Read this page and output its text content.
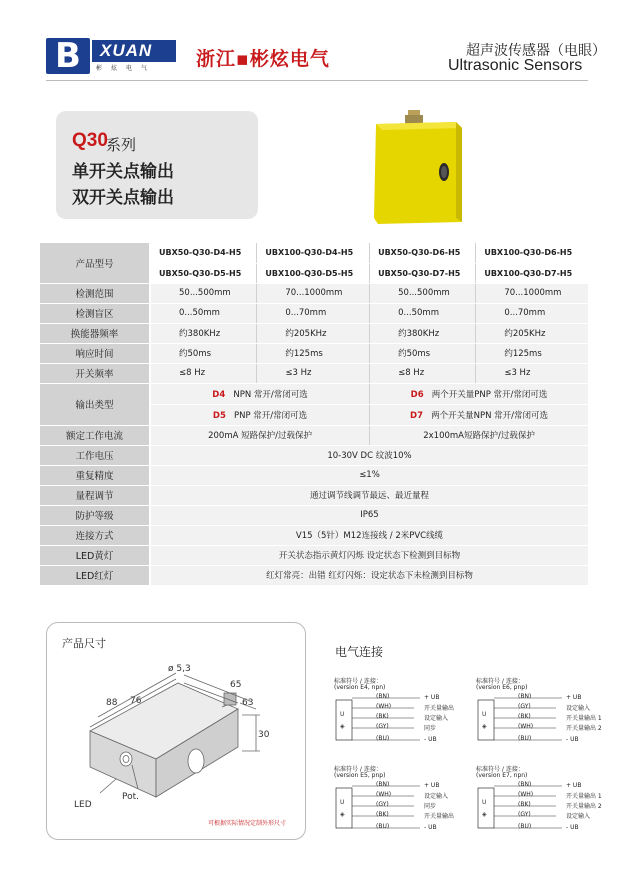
B	XUAN
彬炫电气 浙江▪彬炫电气	超声波传感器（电眼）
Ultrasonic Sensors
Q30
系列
单开关点输出
双开关点输出
产品型号	UBX50-Q30-D4-H5	UBX100-Q30-D4-H5	UBX50-Q30-D6-H5	UBX100-Q30-D6-H5
	UBX50-Q30-D5-H5	UBX100-Q30-D5-H5	UBX50-Q30-D7-H5	UBX100-Q30-D7-H5
检测范围	50...500mm	70...1000mm	50...500mm	70...1000mm
检测盲区	0...50mm	0...70mm	0...50mm	0...70mm
换能器频率	约380KHz	约205KHz	约380KHz	约205KHz
响应时间	约50ms	约125ms	约50ms	约125ms
开关频率	≤8 Hz	≤3 Hz	≤8 Hz	≤3 Hz
输出类型	D4 NPN 常开/常闭可选		D6 两个开关量PNP 常开/常闭可选	
	D5 PNP 常开/常闭可选		D7 两个开关量NPN 常开/常闭可选	
额定工作电流	200mA 短路保护/过载保护		2x100mA短路保护/过载保护	
工作电压	10-30V DC 纹波10%			
重复精度	≤1%			
量程调节	通过调节线调节最远、最近量程			
防护等级	IP65			
连接方式	V15（5针）M12连接线 / 2米PVC线缆			
LED黄灯	开关状态指示黄灯闪烁 设定状态下检测到目标物			
LED红灯	红灯常亮：出错 红灯闪烁：设定状态下未检测到目标物			
产品尺寸
ø 5,3
65
88 76	63
30
LED
Pot.
可根据实际情况定制外形尺寸
电气连接
标准符号 / 连接：
(version E4, npn)
U
◈
(BN)
(WH)
(BK)
(GY)
(BU)
+ UB
开关量输出
设定输入
同步
- UB
标准符号 / 连接：
(version E6, pnp)
U
◈
(BN)
(GY)
(BK)
(WH)
(BU)
+ UB
设定输入
开关量输出 1
开关量输出 2
- UB
标准符号 / 连接：
(version E5, pnp)
U
◈
(BN)
(WH)
(GY)
(BK)
(BU)
+ UB
设定输入
同步
开关量输出
- UB
标准符号 / 连接：
(version E7, npn)
U
◈
(BN)
(WH)
(BK)
(GY)
(BU)
+ UB
开关量输出 1
开关量输出 2
设定输入
- UB
